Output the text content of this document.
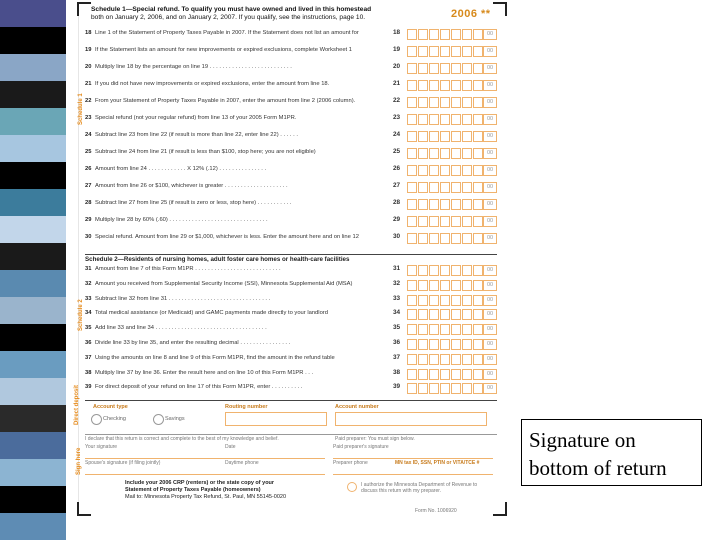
Schedule 1—Special refund. To qualify you must have owned and lived in this homestead
both on January 2, 2006, and on January 2, 2007. If you qualify, see the instructions, page 10.	2006 **
Schedule 1
Schedule 2
Direct deposit
Sign here
18 Line 1 of the Statement of Property Taxes Payable in 2007. If the Statement does not list an amount for	18	00
19 If the Statement lists an amount for new improvements or expired exclusions, complete Worksheet 1	19	00
20 Multiply line 18 by the percentage on line 19 . . . . . . . . . . . . . . . . . . . . . . . . . .	20	00
21 If you did not have new improvements or expired exclusions, enter the amount from line 18.	21	00
22 From your Statement of Property Taxes Payable in 2007, enter the amount from line 2 (2006 column).	22	00
23 Special refund (not your regular refund) from line 13 of your 2005 Form M1PR.	23	00
24 Subtract line 23 from line 22 (if result is more than line 22, enter line 22) . . . . . .	24	00
25 Subtract line 24 from line 21 (if result is less than $100, stop here; you are not eligible)	25	00
26 Amount from line 24 . . . . . . . . . . . . X 12% (.12) . . . . . . . . . . . . . . .	26	00
27 Amount from line 26 or $100, whichever is greater . . . . . . . . . . . . . . . . . . . .	27	00
28 Subtract line 27 from line 25 (if result is zero or less, stop here) . . . . . . . . . . .	28	00
29 Multiply line 28 by 60% (.60) . . . . . . . . . . . . . . . . . . . . . . . . . . . . . . .	29	00
30 Special refund. Amount from line 29 or $1,000, whichever is less. Enter the amount here and on line 12	30	00
Schedule 2—Residents of nursing homes, adult foster care homes or health-care facilities
31 Amount from line 7 of this Form M1PR . . . . . . . . . . . . . . . . . . . . . . . . . . .	31	00
32 Amount you received from Supplemental Security Income (SSI), Minnesota Supplemental Aid (MSA)	32	00
33 Subtract line 32 from line 31 . . . . . . . . . . . . . . . . . . . . . . . . . . . . . . . .	33	00
34 Total medical assistance (or Medicaid) and GAMC payments made directly to your landlord	34	00
35 Add line 33 and line 34 . . . . . . . . . . . . . . . . . . . . . . . . . . . . . . . . . . .	35	00
36 Divide line 33 by line 35, and enter the resulting decimal . . . . . . . . . . . . . . . .	36	00
37 Using the amounts on line 8 and line 9 of this Form M1PR, find the amount in the refund table	37	00
38 Multiply line 37 by line 36. Enter the result here and on line 10 of this Form M1PR . . .	38	00
39 For direct deposit of your refund on line 17 of this Form M1PR, enter . . . . . . . . . .	39	00
Account type	Routing number	Account number
Checking	Savings
I declare that this return is correct and complete to the best of my knowledge and belief.	Paid preparer: You must sign below.
Your signature	Date	Paid preparer's signature
Spouse's signature (if filing jointly)	Daytime phone	Preparer phone	MN tax ID, SSN, PTIN or VITA/TCE #
Include your 2006 CRP (renters) or the state copy of your
Statement of Property Taxes Payable (homeowners)
Mail to: Minnesota Property Tax Refund, St. Paul, MN 55145-0020
I authorize the Minnesota Department of Revenue to discuss this return with my preparer.
Form No. 1006920
Signature on
bottom of return
